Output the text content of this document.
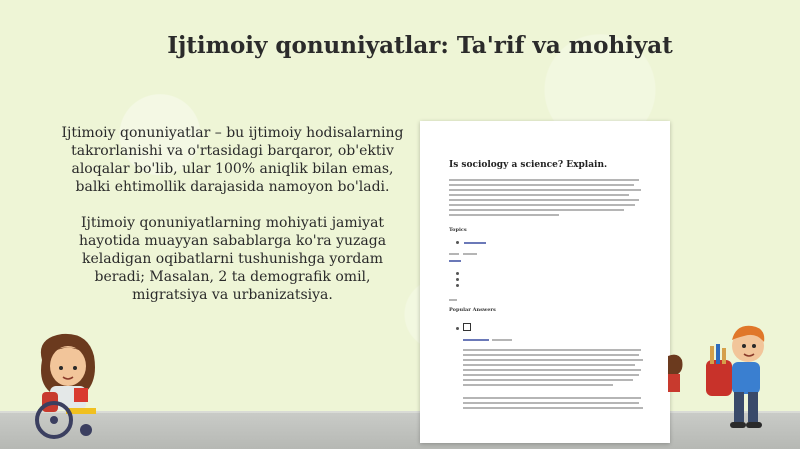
Ijtimoiy qonuniyatlar: Ta'rif va mohiyat

Ijtimoiy qonuniyatlar – bu ijtimoiy hodisalarning takrorlanishi va o'rtasidagi barqaror, ob'ektiv aloqalar bo'lib, ular 100% aniqlik bilan emas, balki ehtimollik darajasida namoyon bo'ladi.

Ijtimoiy qonuniyatlarning mohiyati jamiyat hayotida muayyan sabablarga ko'ra yuzaga keladigan oqibatlarni tushunishga yordam beradi; Masalan, 2 ta demografik omil, migratsiya va urbanizatsiya.

Is sociology a science? Explain.
Topics
Popular Answers
